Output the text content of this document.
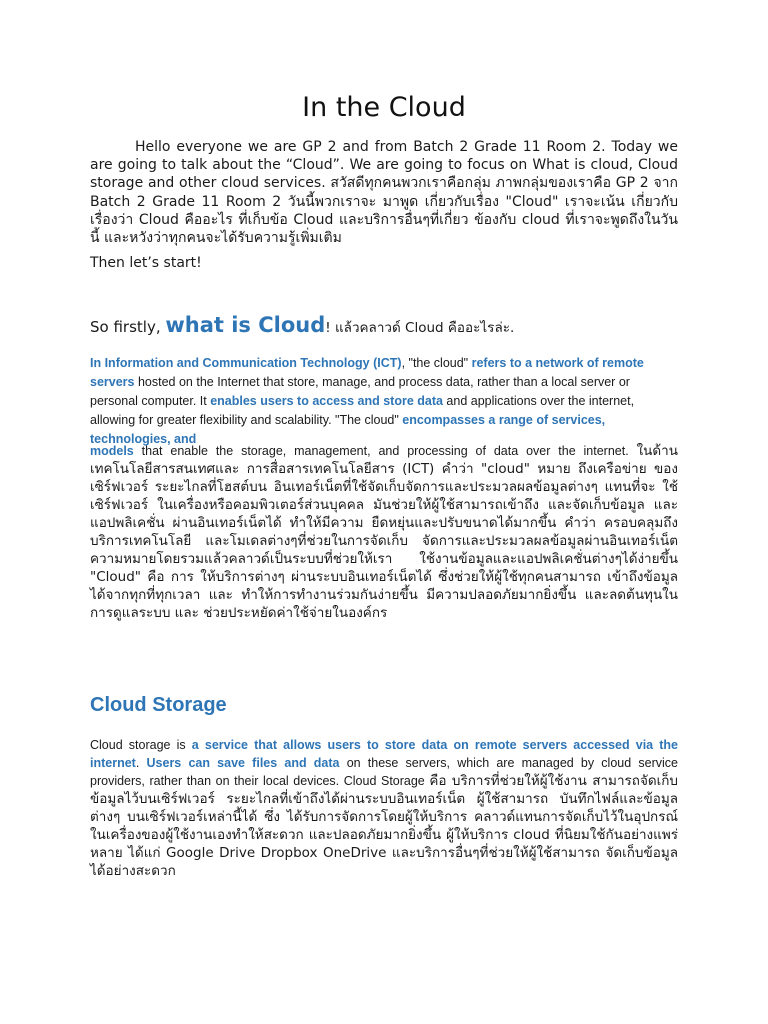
In the Cloud

Hello everyone we are GP 2 and from Batch 2 Grade 11 Room 2. Today we are going to talk about the “Cloud”. We are going to focus on What is cloud, Cloud storage and other cloud services. สวัสดีทุกคนพวกเราคือกลุ่ม ภาพกลุ่มของเราคือ GP 2 จาก Batch 2 Grade 11 Room 2 วันนี้พวกเราจะ มาพูด เกี่ยวกับเรื่อง "Cloud" เราจะเน้น เกี่ยวกับเรื่องว่า Cloud คืออะไร ที่เก็บข้อ Cloud และบริการอื่นๆที่เกี่ยว ข้องกับ cloud ที่เราจะพูดถึงในวันนี้ และหวังว่าทุกคนจะได้รับความรู้เพิ่มเติม

Then let’s start!

So firstly, what is Cloud! แล้วคลาวด์ Cloud คืออะไรล่ะ.

In Information and Communication Technology (ICT), "the cloud" refers to a network of remote servers hosted on the Internet that store, manage, and process data, rather than a local server or personal computer. It enables users to access and store data and applications over the internet, allowing for greater flexibility and scalability. "The cloud" encompasses a range of services, technologies, and

models that enable the storage, management, and processing of data over the internet. ในด้าน เทคโนโลยีสารสนเทศและ การสื่อสารเทคโนโลยีสาร (ICT) คำว่า "cloud" หมาย ถึงเครือข่าย ของเซิร์ฟเวอร์ ระยะไกลที่โฮสต์บน อินเทอร์เน็ตที่ใช้จัดเก็บจัดการและประมวลผลข้อมูลต่างๆ แทนที่จะ ใช้เซิร์ฟเวอร์ ในเครื่องหรือคอมพิวเตอร์ส่วนบุคคล มันช่วยให้ผู้ใช้สามารถเข้าถึง และจัดเก็บข้อมูล และแอปพลิเคชั่น ผ่านอินเทอร์เน็ตได้ ทำให้มีความ ยืดหยุ่นและปรับขนาดได้มากขึ้น คำว่า ครอบคลุมถึง บริการเทคโนโลยี และโมเดลต่างๆที่ช่วยในการจัดเก็บ จัดการและประมวลผลข้อมูลผ่านอินเทอร์เน็ต ความหมายโดยรวมแล้วคลาวด์เป็นระบบที่ช่วยให้เรา ใช้งานข้อมูลและแอปพลิเคชั่นต่างๆได้ง่ายขึ้น "Cloud" คือ การ ให้บริการต่างๆ ผ่านระบบอินเทอร์เน็ตได้ ซึ่งช่วยให้ผู้ใช้ทุกคนสามารถ เข้าถึงข้อมูลได้จากทุกที่ทุกเวลา และ ทำให้การทำงานร่วมกันง่ายขึ้น มีความปลอดภัยมากยิ่งขึ้น และลดต้นทุนในการดูแลระบบ และ ช่วยประหยัดค่าใช้จ่ายในองค์กร

Cloud Storage

Cloud storage is a service that allows users to store data on remote servers accessed via the internet. Users can save files and data on these servers, which are managed by cloud service providers, rather than on their local devices. Cloud Storage คือ บริการที่ช่วยให้ผู้ใช้งาน สามารถจัดเก็บข้อมูลไว้บนเซิร์ฟเวอร์ ระยะไกลที่เข้าถึงได้ผ่านระบบอินเทอร์เน็ต ผู้ใช้สามารถ บันทึกไฟล์และข้อมูลต่างๆ บนเซิร์ฟเวอร์เหล่านี้ได้ ซึ่ง ได้รับการจัดการโดยผู้ให้บริการ คลาวด์แทนการจัดเก็บไว้ในอุปกรณ์ ในเครื่องของผู้ใช้งานเองทำให้สะดวก และปลอดภัยมากยิ่งขึ้น ผู้ให้บริการ cloud ที่นิยมใช้กันอย่างแพร่หลาย ได้แก่ Google Drive Dropbox OneDrive และบริการอื่นๆที่ช่วยให้ผู้ใช้สามารถ จัดเก็บข้อมูลได้อย่างสะดวก
